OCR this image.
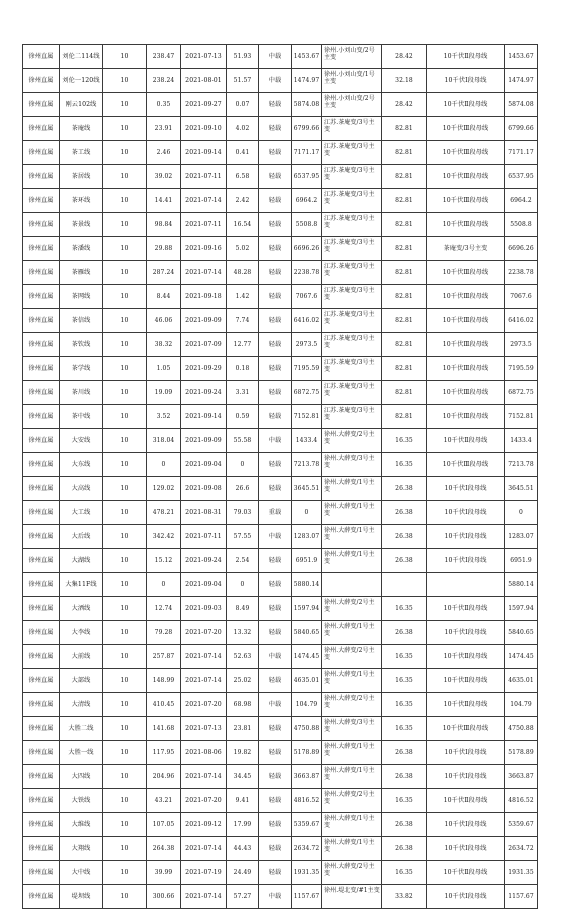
徐州直属	刘伦二114线	10	238.47	2021-07-13	51.93	中载	1453.67	徐州.小刘山变/2号主变	28.42	10千伏Ⅱ段母线	1453.67
徐州直属	刘伦一120线	10	238.24	2021-08-01	51.57	中载	1474.97	徐州.小刘山变/1号主变	32.18	10千伏Ⅰ段母线	1474.97
徐州直属	刚云102线	10	0.35	2021-09-27	0.07	轻载	5874.08	徐州.小刘山变/2号主变	28.42	10千伏Ⅱ段母线	5874.08
徐州直属	茶庵线	10	23.91	2021-09-10	4.02	轻载	6799.66	江苏.茶庵变/3号主变	82.81	10千伏Ⅲ段母线	6799.66
徐州直属	茶工线	10	2.46	2021-09-14	0.41	轻载	7171.17	江苏.茶庵变/3号主变	82.81	10千伏Ⅲ段母线	7171.17
徐州直属	茶居线	10	39.02	2021-07-11	6.58	轻载	6537.95	江苏.茶庵变/3号主变	82.81	10千伏Ⅲ段母线	6537.95
徐州直属	茶环线	10	14.41	2021-07-14	2.42	轻载	6964.2	江苏.茶庵变/3号主变	82.81	10千伏Ⅲ段母线	6964.2
徐州直属	茶景线	10	98.84	2021-07-11	16.54	轻载	5508.8	江苏.茶庵变/3号主变	82.81	10千伏Ⅲ段母线	5508.8
徐州直属	茶潘线	10	29.88	2021-09-16	5.02	轻载	6696.26	江苏.茶庵变/3号主变	82.81	茶庵变/3号主变	6696.26
徐州直属	茶雁线	10	287.24	2021-07-14	48.28	轻载	2238.78	江苏.茶庵变/3号主变	82.81	10千伏Ⅲ段母线	2238.78
徐州直属	茶网线	10	8.44	2021-09-18	1.42	轻载	7067.6	江苏.茶庵变/3号主变	82.81	10千伏Ⅲ段母线	7067.6
徐州直属	茶信线	10	46.06	2021-09-09	7.74	轻载	6416.02	江苏.茶庵变/3号主变	82.81	10千伏Ⅲ段母线	6416.02
徐州直属	茶钦线	10	38.32	2021-07-09	12.77	轻载	2973.5	江苏.茶庵变/3号主变	82.81	10千伏Ⅲ段母线	2973.5
徐州直属	茶学线	10	1.05	2021-09-29	0.18	轻载	7195.59	江苏.茶庵变/3号主变	82.81	10千伏Ⅲ段母线	7195.59
徐州直属	茶川线	10	19.09	2021-09-24	3.31	轻载	6872.75	江苏.茶庵变/3号主变	82.81	10千伏Ⅲ段母线	6872.75
徐州直属	茶中线	10	3.52	2021-09-14	0.59	轻载	7152.81	江苏.茶庵变/3号主变	82.81	10千伏Ⅲ段母线	7152.81
徐州直属	大安线	10	318.04	2021-09-09	55.58	中载	1433.4	徐州.大薛变/2号主变	16.35	10千伏Ⅱ段母线	1433.4
徐州直属	大东线	10	0	2021-09-04	0	轻载	7213.78	徐州.大薛变/3号主变	16.35	10千伏Ⅲ段母线	7213.78
徐州直属	大高线	10	129.02	2021-09-08	26.6	轻载	3645.51	徐州.大薛变/1号主变	26.38	10千伏Ⅰ段母线	3645.51
徐州直属	大工线	10	478.21	2021-08-31	79.03	重载	0	徐州.大薛变/1号主变	26.38	10千伏Ⅰ段母线	0
徐州直属	大后线	10	342.42	2021-07-11	57.55	中载	1283.07	徐州.大薛变/1号主变	26.38	10千伏Ⅰ段母线	1283.07
徐州直属	大湖线	10	15.12	2021-09-24	2.54	轻载	6951.9	徐州.大薛变/1号主变	26.38	10千伏Ⅰ段母线	6951.9
徐州直属	大集11F线	10	0	2021-09-04	0	轻载	5880.14				5880.14
徐州直属	大洒线	10	12.74	2021-09-03	8.49	轻载	1597.94	徐州.大薛变/2号主变	16.35	10千伏Ⅱ段母线	1597.94
徐州直属	大李线	10	79.28	2021-07-20	13.32	轻载	5840.65	徐州.大薛变/1号主变	26.38	10千伏Ⅰ段母线	5840.65
徐州直属	大前线	10	257.87	2021-07-14	52.63	中载	1474.45	徐州.大薛变/2号主变	16.35	10千伏Ⅱ段母线	1474.45
徐州直属	大部线	10	148.99	2021-07-14	25.02	轻载	4635.01	徐州.大薛变/1号主变	16.35	10千伏Ⅱ段母线	4635.01
徐州直属	大清线	10	410.45	2021-07-20	68.98	中载	104.79	徐州.大薛变/2号主变	16.35	10千伏Ⅱ段母线	104.79
徐州直属	大胜二线	10	141.68	2021-07-13	23.81	轻载	4750.88	徐州.大薛变/3号主变	16.35	10千伏Ⅲ段母线	4750.88
徐州直属	大胜一线	10	117.95	2021-08-06	19.82	轻载	5178.89	徐州.大薛变/1号主变	26.38	10千伏Ⅰ段母线	5178.89
徐州直属	大四线	10	204.96	2021-07-14	34.45	轻载	3663.87	徐州.大薛变/1号主变	26.38	10千伏Ⅰ段母线	3663.87
徐州直属	大铁线	10	43.21	2021-07-20	9.41	轻载	4816.52	徐州.大薛变/2号主变	16.35	10千伏Ⅱ段母线	4816.52
徐州直属	大维线	10	107.05	2021-09-12	17.99	轻载	5359.67	徐州.大薛变/1号主变	26.38	10千伏Ⅰ段母线	5359.67
徐州直属	大翔线	10	264.38	2021-07-14	44.43	轻载	2634.72	徐州.大薛变/1号主变	26.38	10千伏Ⅰ段母线	2634.72
徐州直属	大中线	10	39.99	2021-07-19	24.49	轻载	1931.35	徐州.大薛变/2号主变	16.35	10千伏Ⅱ段母线	1931.35
徐州直属	堤坝线	10	300.66	2021-07-14	57.27	中载	1157.67	徐州.堤北变/#1主变	33.82	10千伏Ⅰ段母线	1157.67
